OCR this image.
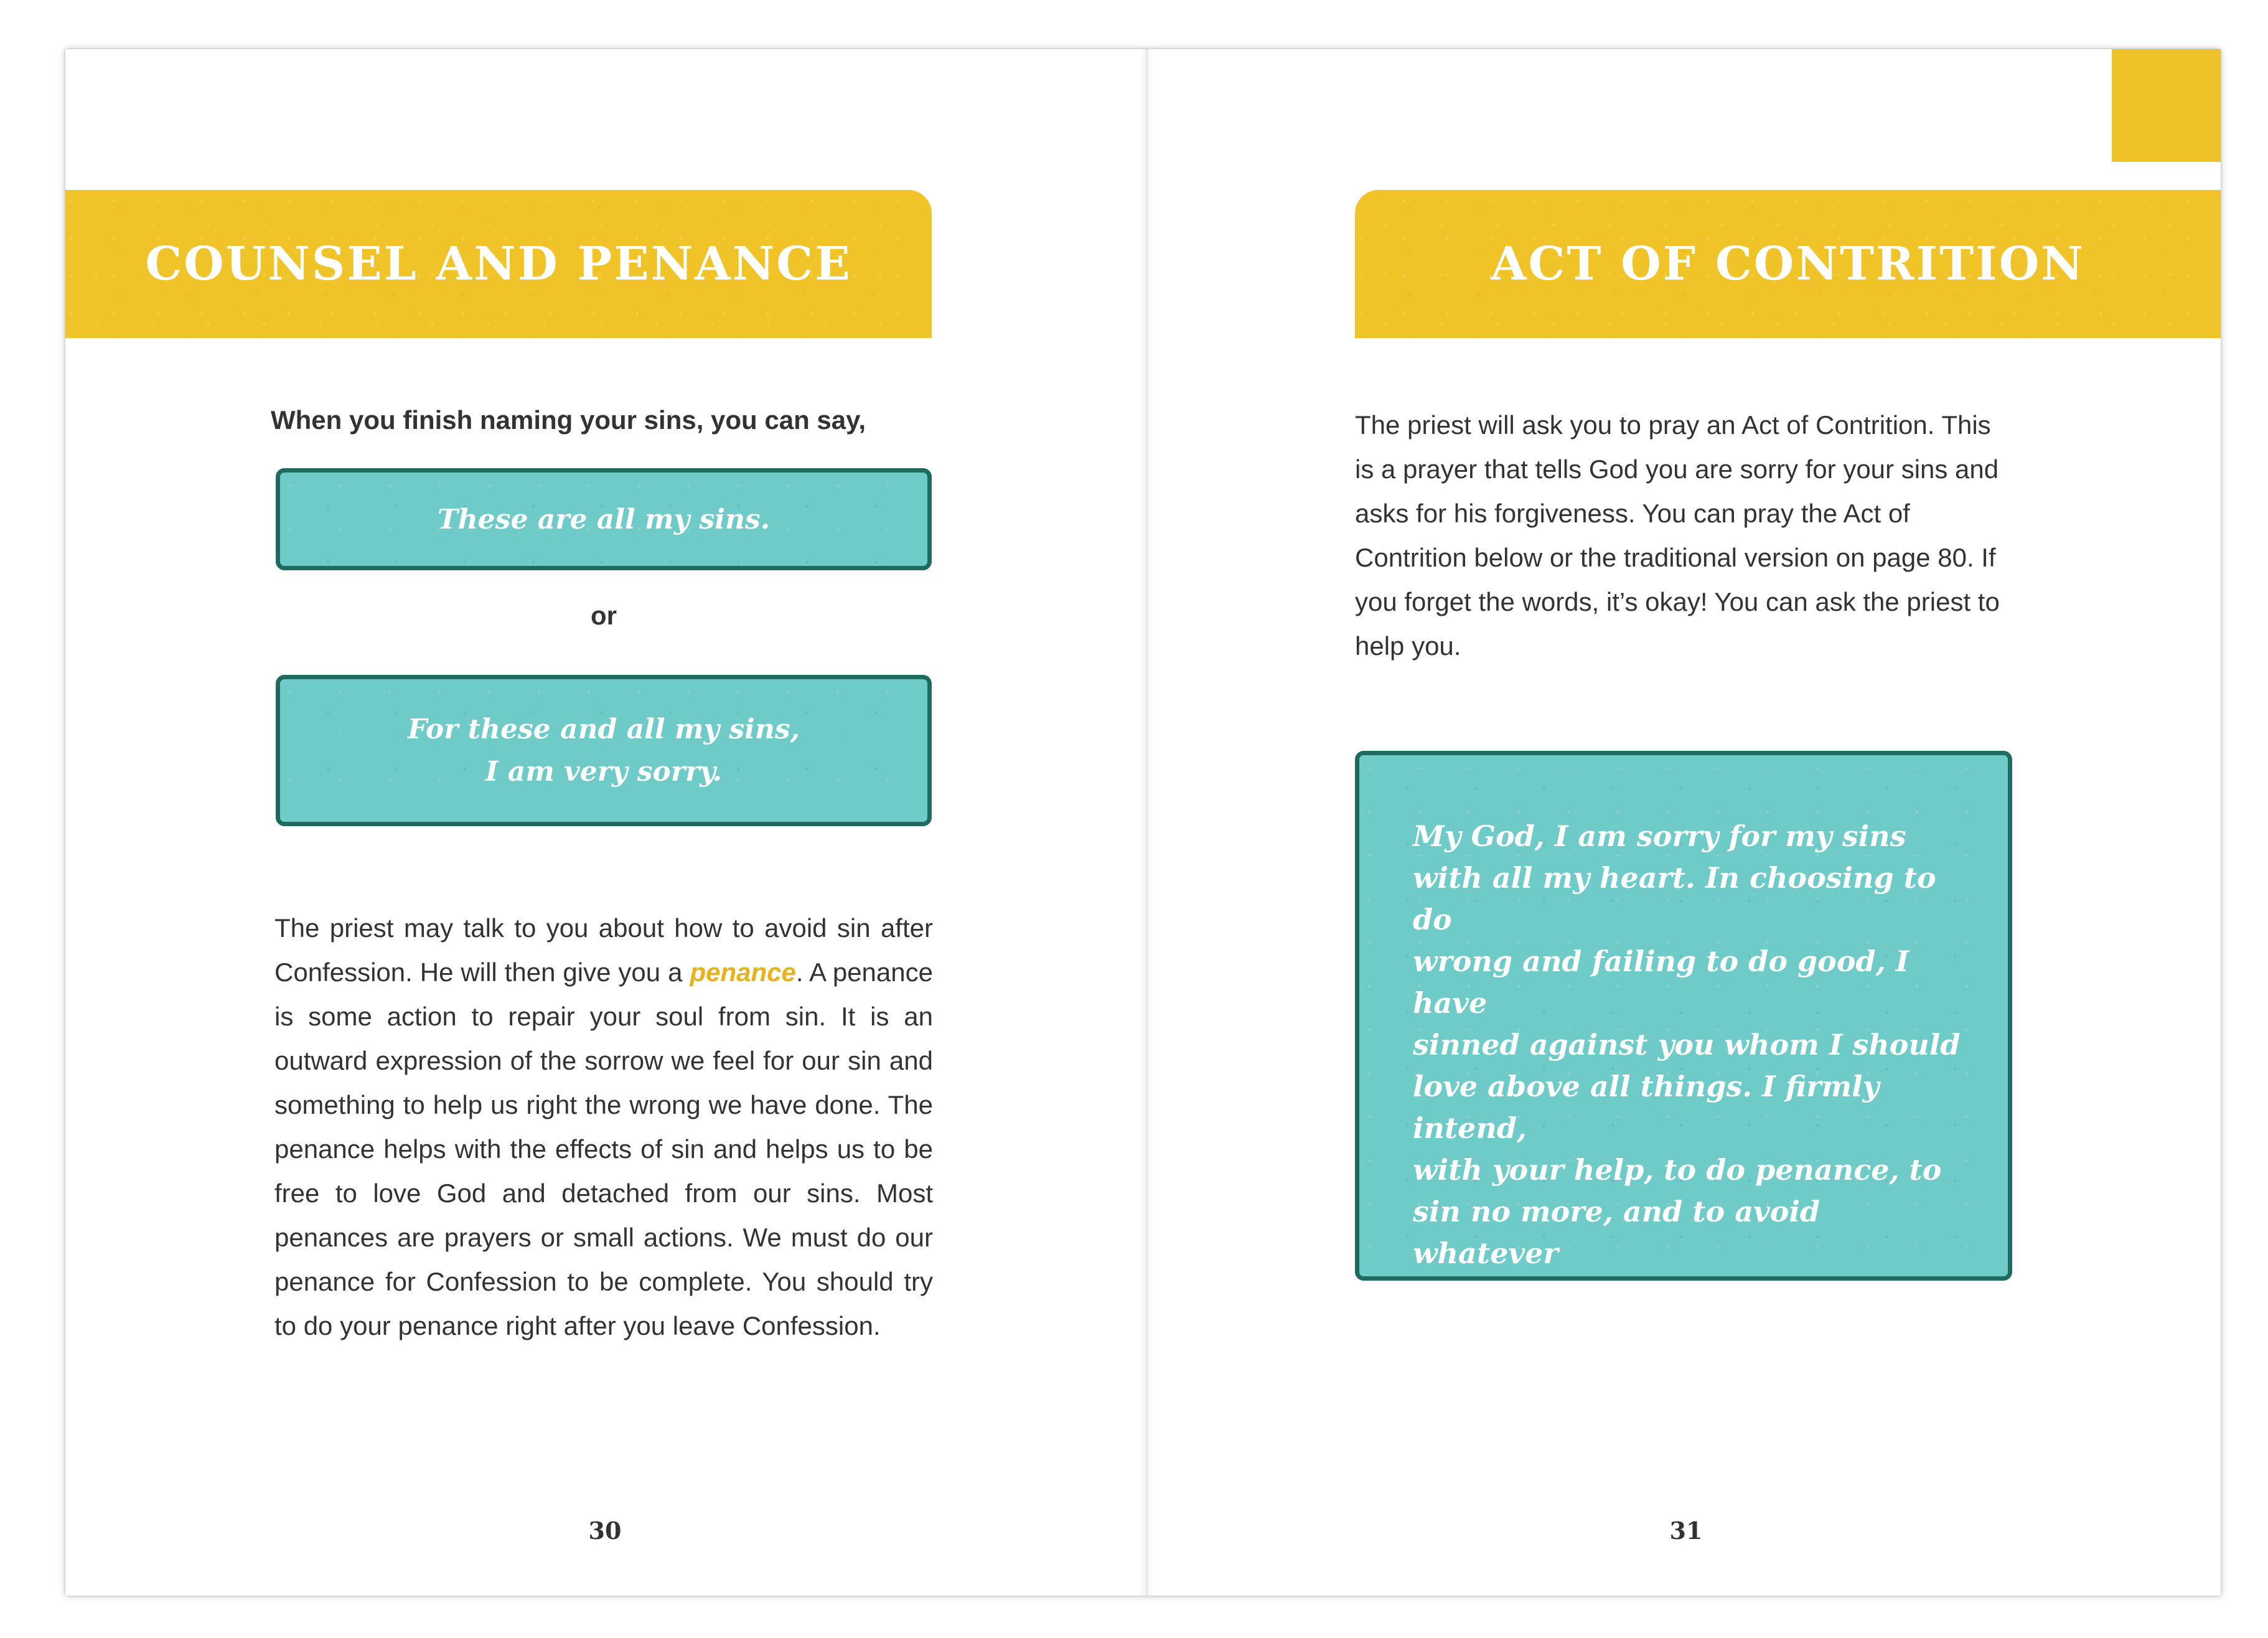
COUNSEL AND PENANCE
When you finish naming your sins, you can say,
These are all my sins.
or
For these and all my sins,
I am very sorry.

The priest may talk to you about how to avoid sin after Confession. He will then give you a penance. A penance is some action to repair your soul from sin. It is an outward expression of the sorrow we feel for our sin and something to help us right the wrong we have done. The penance helps with the effects of sin and helps us to be free to love God and detached from our sins. Most penances are prayers or small actions. We must do our penance for Confession to be complete. You should try to do your penance right after you leave Confession.

30
ACT OF CONTRITION

The priest will ask you to pray an Act of Contrition. This is a prayer that tells God you are sorry for your sins and asks for his forgiveness. You can pray the Act of Contrition below or the traditional version on page 80. If you forget the words, it’s okay! You can ask the priest to help you.

My God, I am sorry for my sins
with all my heart. In choosing to do
wrong and failing to do good, I have
sinned against you whom I should
love above all things. I firmly intend,
with your help, to do penance, to
sin no more, and to avoid whatever
leads me to sin. Our Savior Jesus
Christ suffered and died for us. In his
Name, my God, have mercy. Amen.
31
